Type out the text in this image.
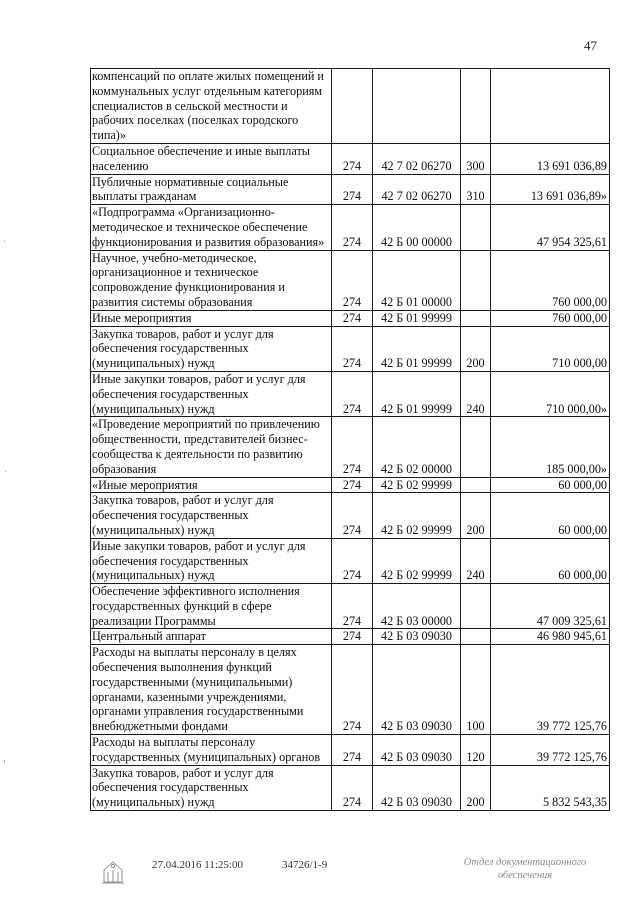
47
компенсаций по оплате жилых помещений и коммунальных услуг отдельным категориям специалистов в сельской местности и рабочих поселках (поселках городского типа)»				
Социальное обеспечение и иные выплаты населению	274	42 7 02 06270	300	13 691 036,89
Публичные нормативные социальные выплаты гражданам	274	42 7 02 06270	310	13 691 036,89»
«Подпрограмма «Организационно-методическое и техническое обеспечение функционирования и развития образования»	274	42 Б 00 00000		47 954 325,61
Научное, учебно-методическое, организационное и техническое сопровождение функционирования и развития системы образования	274	42 Б 01 00000		760 000,00
Иные мероприятия	274	42 Б 01 99999		760 000,00
Закупка товаров, работ и услуг для обеспечения государственных (муниципальных) нужд	274	42 Б 01 99999	200	710 000,00
Иные закупки товаров, работ и услуг для обеспечения государственных (муниципальных) нужд	274	42 Б 01 99999	240	710 000,00»
«Проведение мероприятий по привлечению общественности, представителей бизнес-сообщества к деятельности по развитию образования	274	42 Б 02 00000		185 000,00»
«Иные мероприятия	274	42 Б 02 99999		60 000,00
Закупка товаров, работ и услуг для обеспечения государственных (муниципальных) нужд	274	42 Б 02 99999	200	60 000,00
Иные закупки товаров, работ и услуг для обеспечения государственных (муниципальных) нужд	274	42 Б 02 99999	240	60 000,00
Обеспечение эффективного исполнения государственных функций в сфере реализации Программы	274	42 Б 03 00000		47 009 325,61
Центральный аппарат	274	42 Б 03 09030		46 980 945,61
Расходы на выплаты персоналу в целях обеспечения выполнения функций государственными (муниципальными) органами, казенными учреждениями, органами управления государственными внебюджетными фондами	274	42 Б 03 09030	100	39 772 125,76
Расходы на выплаты персоналу государственных (муниципальных) органов	274	42 Б 03 09030	120	39 772 125,76
Закупка товаров, работ и услуг для обеспечения государственных (муниципальных) нужд	274	42 Б 03 09030	200	5 832 543,35
27.04.2016 11:25:00	34726/1-9	Отдел документационного
обеспечения
